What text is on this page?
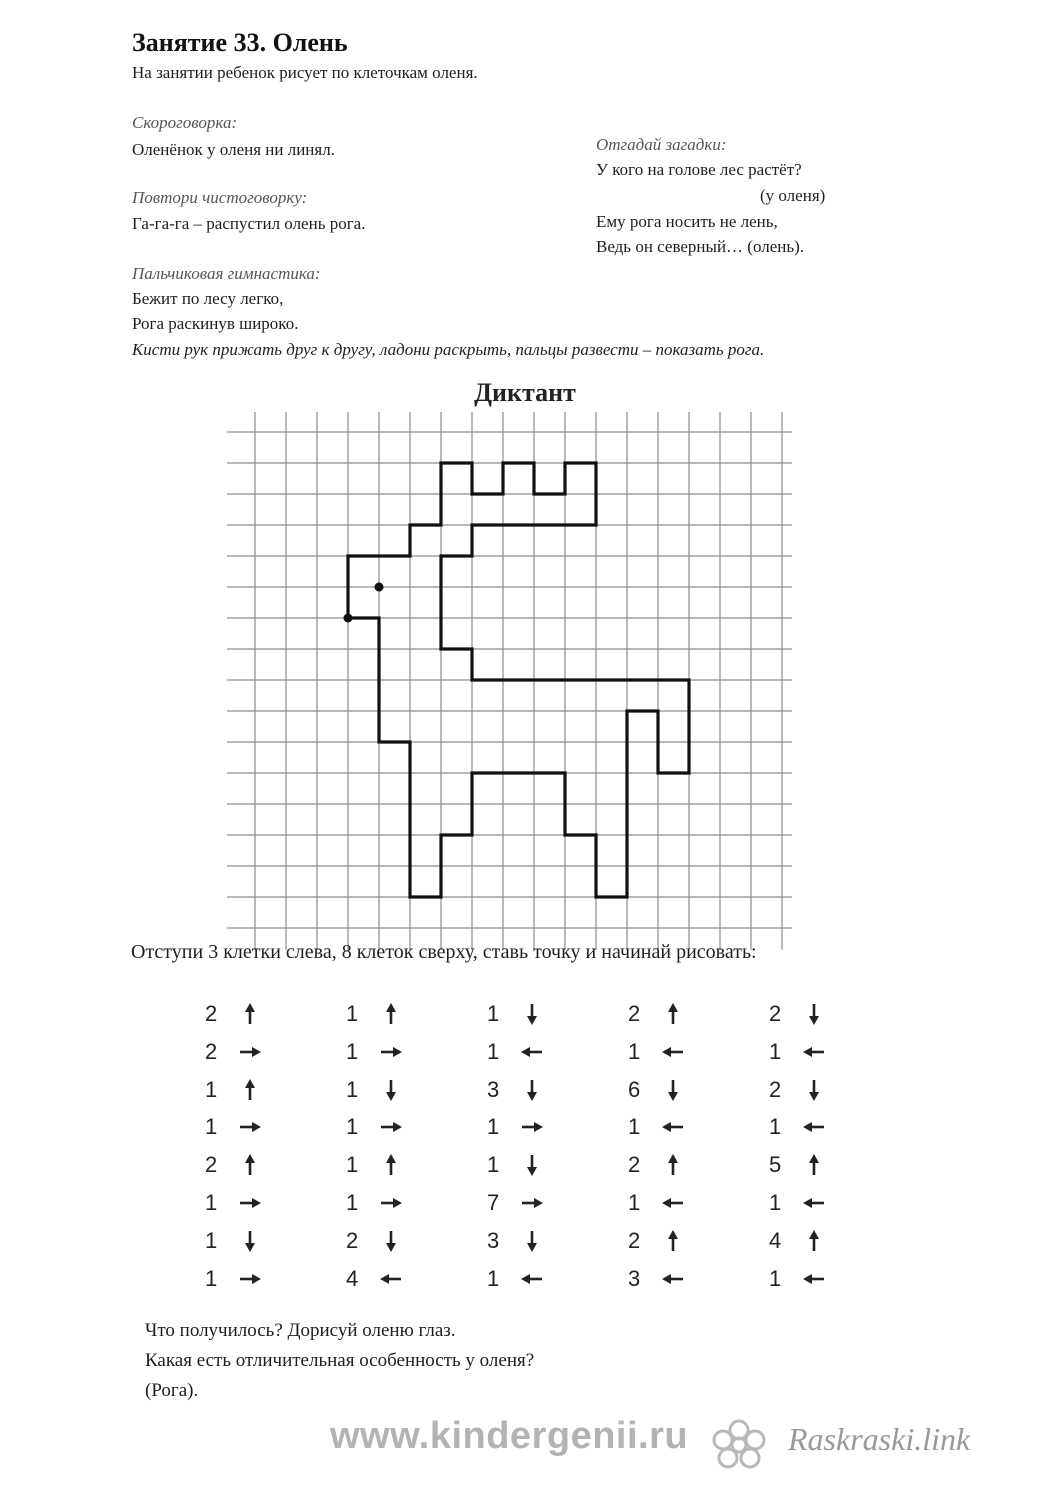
Занятие 33. Олень
На занятии ребенок рисует по клеточкам оленя.
Скороговорка:
Оленёнок у оленя ни линял.
Повтори чистоговорку:
Га-га-га – распустил олень рога.
Пальчиковая гимнастика:
Бежит по лесу легко,
Рога раскинув широко.
Кисти рук прижать друг к другу, ладони раскрыть, пальцы развести – показать рога.
Отгадай загадки:
У кого на голове лес растёт?
(у оленя)
Ему рога носить не лень,
Ведь он северный… (олень).
Диктант
Отступи 3 клетки слева, 8 клеток сверху, ставь точку и начинай рисовать:
2
2
1
1
2
1
1
1
1
1
1
1
1
1
2
4
1
1
3
1
1
7
3
1
2
1
6
1
2
1
2
3
2
1
2
1
5
1
4
1
Что получилось? Дорисуй оленю глаз.
Какая есть отличительная особенность у оленя?
(Рога).
www.kindergenii.ru	Raskraski.link
